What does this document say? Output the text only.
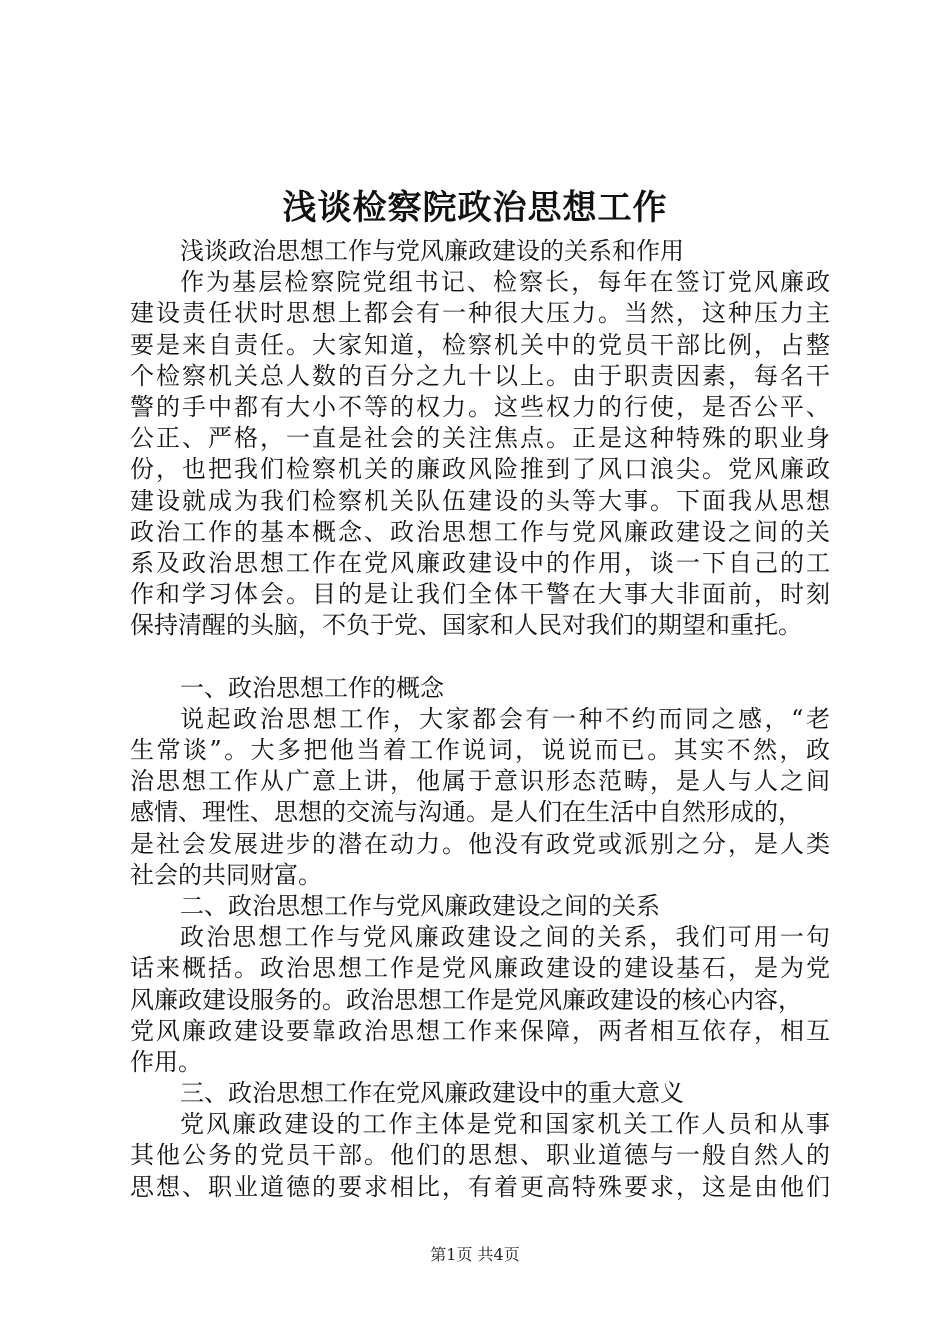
浅谈检察院政治思想工作

浅谈政治思想工作与党风廉政建设的关系和作用

作为基层检察院党组书记、检察长，每年在签订党风廉政

建设责任状时思想上都会有一种很大压力。当然，这种压力主

要是来自责任。大家知道，检察机关中的党员干部比例，占整

个检察机关总人数的百分之九十以上。由于职责因素，每名干

警的手中都有大小不等的权力。这些权力的行使，是否公平、

公正、严格，一直是社会的关注焦点。正是这种特殊的职业身

份，也把我们检察机关的廉政风险推到了风口浪尖。党风廉政

建设就成为我们检察机关队伍建设的头等大事。下面我从思想

政治工作的基本概念、政治思想工作与党风廉政建设之间的关

系及政治思想工作在党风廉政建设中的作用，谈一下自己的工

作和学习体会。目的是让我们全体干警在大事大非面前，时刻

保持清醒的头脑，不负于党、国家和人民对我们的期望和重托。

一、政治思想工作的概念

说起政治思想工作，大家都会有一种不约而同之感，“老

生常谈”。大多把他当着工作说词，说说而已。其实不然，政

治思想工作从广意上讲，他属于意识形态范畴，是人与人之间

感情、理性、思想的交流与沟通。是人们在生活中自然形成的，

是社会发展进步的潜在动力。他没有政党或派别之分，是人类

社会的共同财富。

二、政治思想工作与党风廉政建设之间的关系

政治思想工作与党风廉政建设之间的关系，我们可用一句

话来概括。政治思想工作是党风廉政建设的建设基石，是为党

风廉政建设服务的。政治思想工作是党风廉政建设的核心内容，

党风廉政建设要靠政治思想工作来保障，两者相互依存，相互

作用。

三、政治思想工作在党风廉政建设中的重大意义

党风廉政建设的工作主体是党和国家机关工作人员和从事

其他公务的党员干部。他们的思想、职业道德与一般自然人的

思想、职业道德的要求相比，有着更高特殊要求，这是由他们

第1页 共4页
